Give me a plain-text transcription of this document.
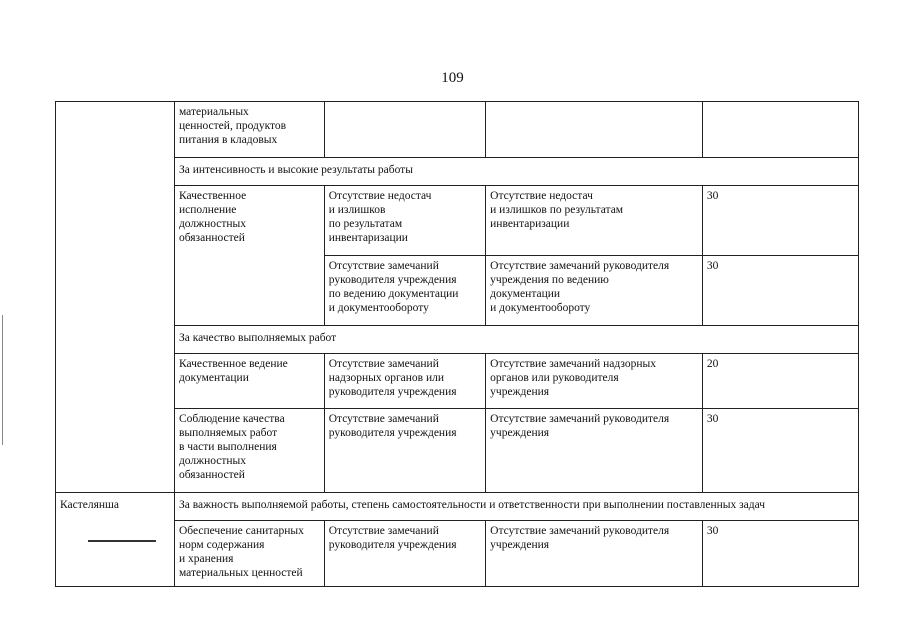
109
	материальных
ценностей, продуктов
питания в кладовых			
	За интенсивность и высокие результаты работы			
	Качественное
исполнение
должностных
обязанностей	Отсутствие недостач
и излишков
по результатам
инвентаризации	Отсутствие недостач
и излишков по результатам
инвентаризации	30
		Отсутствие замечаний
руководителя учреждения
по ведению документации
и документообороту	Отсутствие замечаний руководителя
учреждения по ведению
документации
и документообороту	30
	За качество выполняемых работ			
	Качественное ведение
документации	Отсутствие замечаний
надзорных органов или
руководителя учреждения	Отсутствие замечаний надзорных
органов или руководителя
учреждения	20
	Соблюдение качества
выполняемых работ
в части выполнения
должностных
обязанностей	Отсутствие замечаний
руководителя учреждения	Отсутствие замечаний руководителя
учреждения	30
Кастелянша	За важность выполняемой работы, степень самостоятельности и ответственности при выполнении поставленных задач			
	Обеспечение санитарных
норм содержания
и хранения
материальных ценностей	Отсутствие замечаний
руководителя учреждения	Отсутствие замечаний руководителя
учреждения	30
